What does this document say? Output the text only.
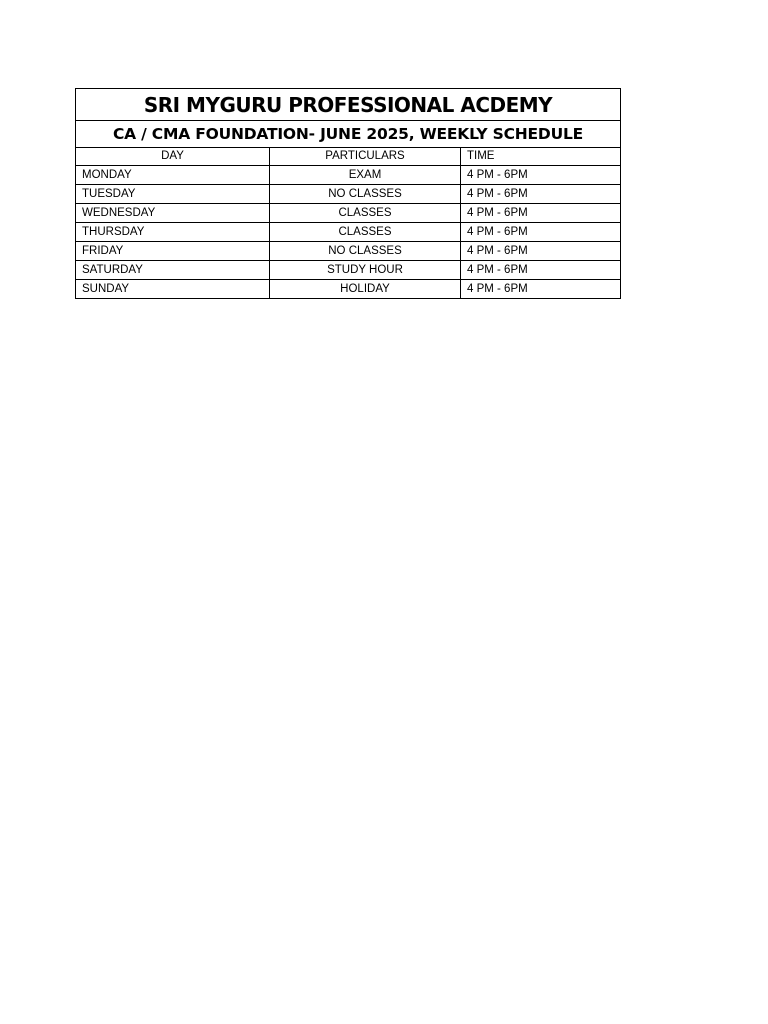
SRI MYGURU PROFESSIONAL ACDEMY		
CA / CMA FOUNDATION- JUNE 2025, WEEKLY SCHEDULE		
DAY	PARTICULARS	TIME
MONDAY	EXAM	4 PM - 6PM
TUESDAY	NO CLASSES	4 PM - 6PM
WEDNESDAY	CLASSES	4 PM - 6PM
THURSDAY	CLASSES	4 PM - 6PM
FRIDAY	NO CLASSES	4 PM - 6PM
SATURDAY	STUDY HOUR	4 PM - 6PM
SUNDAY	HOLIDAY	4 PM - 6PM
